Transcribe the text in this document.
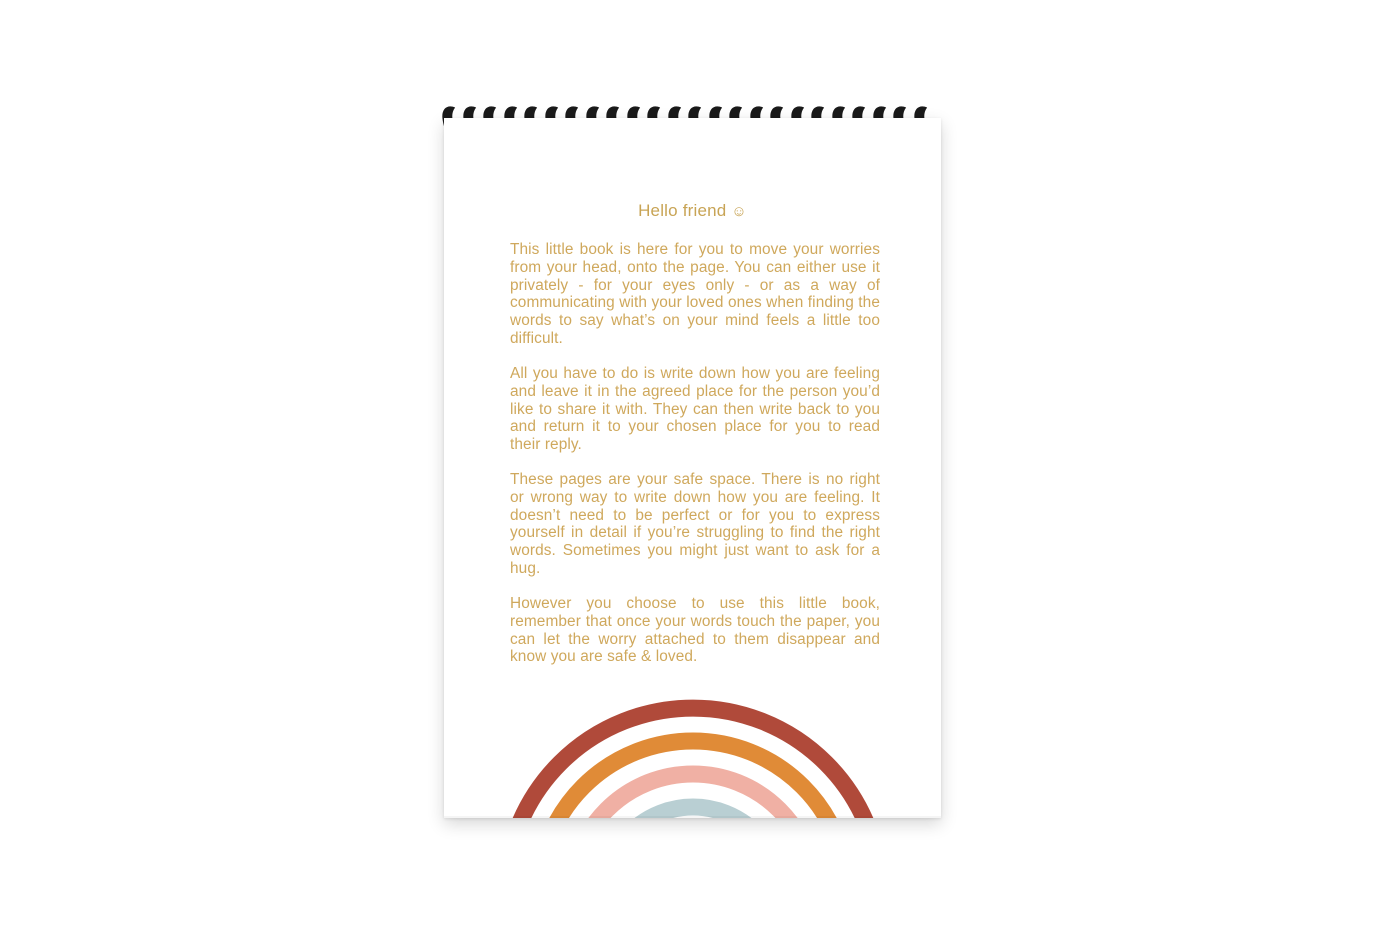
Hello friend ☺

This little book is here for you to move your worries from your head, onto the page. You can either use it privately - for your eyes only - or as a way of communicating with your loved ones when finding the words to say what’s on your mind feels a little too difficult.

All you have to do is write down how you are feeling and leave it in the agreed place for the person you’d like to share it with. They can then write back to you and return it to your chosen place for you to read their reply.

These pages are your safe space. There is no right or wrong way to write down how you are feeling. It doesn’t need to be perfect or for you to express yourself in detail if you’re struggling to find the right words. Sometimes you might just want to ask for a hug.

However you choose to use this little book, remember that once your words touch the paper, you can let the worry attached to them disappear and know you are safe & loved.
